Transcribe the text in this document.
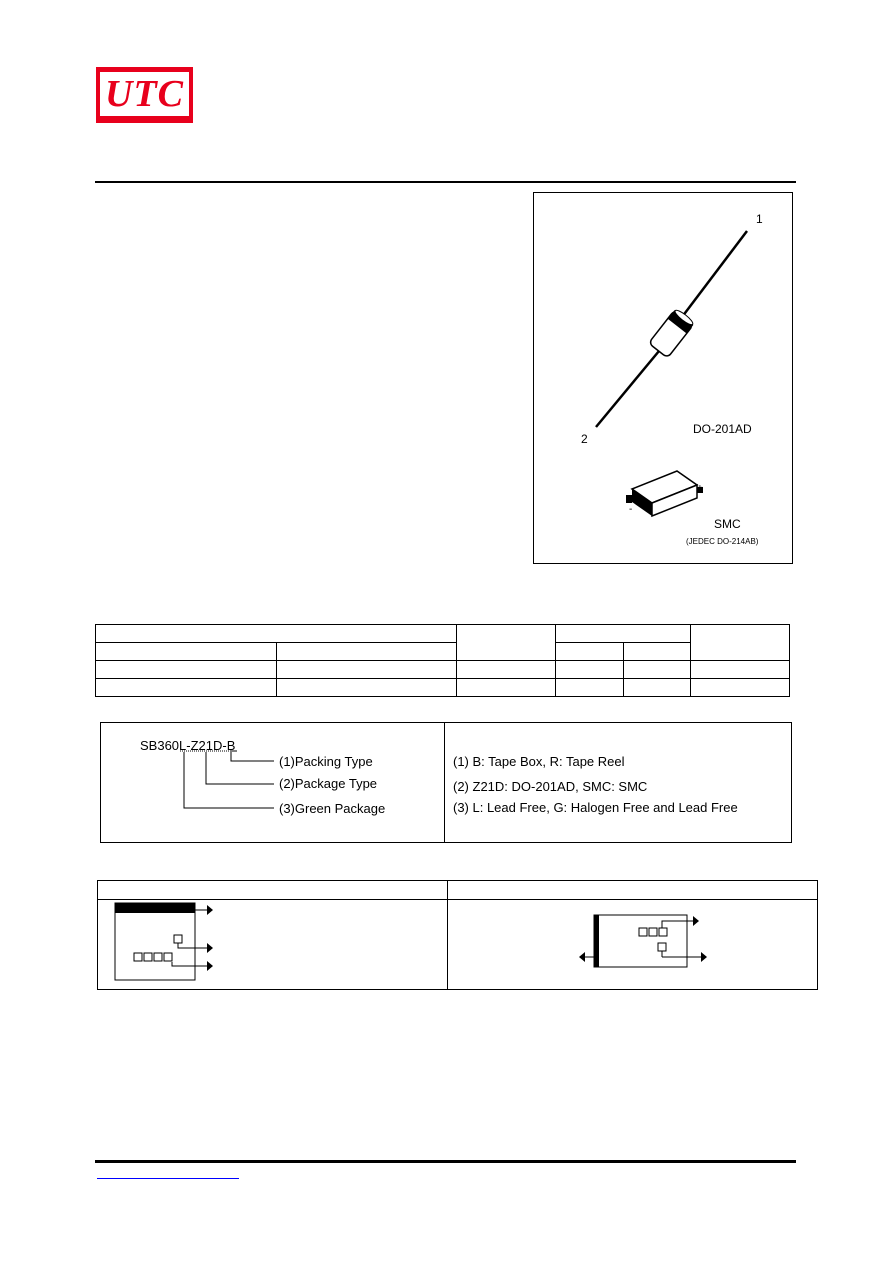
UTC
1
2
DO-201AD
+
-
SMC
(JEDEC DO-214AB)

SB360L-Z21D-B
(1)Packing Type
(2)Package Type
(3)Green Package
(1) B: Tape Box, R: Tape Reel
(2) Z21D: DO-201AD, SMC: SMC
(3) L: Lead Free, G: Halogen Free and Lead Free
